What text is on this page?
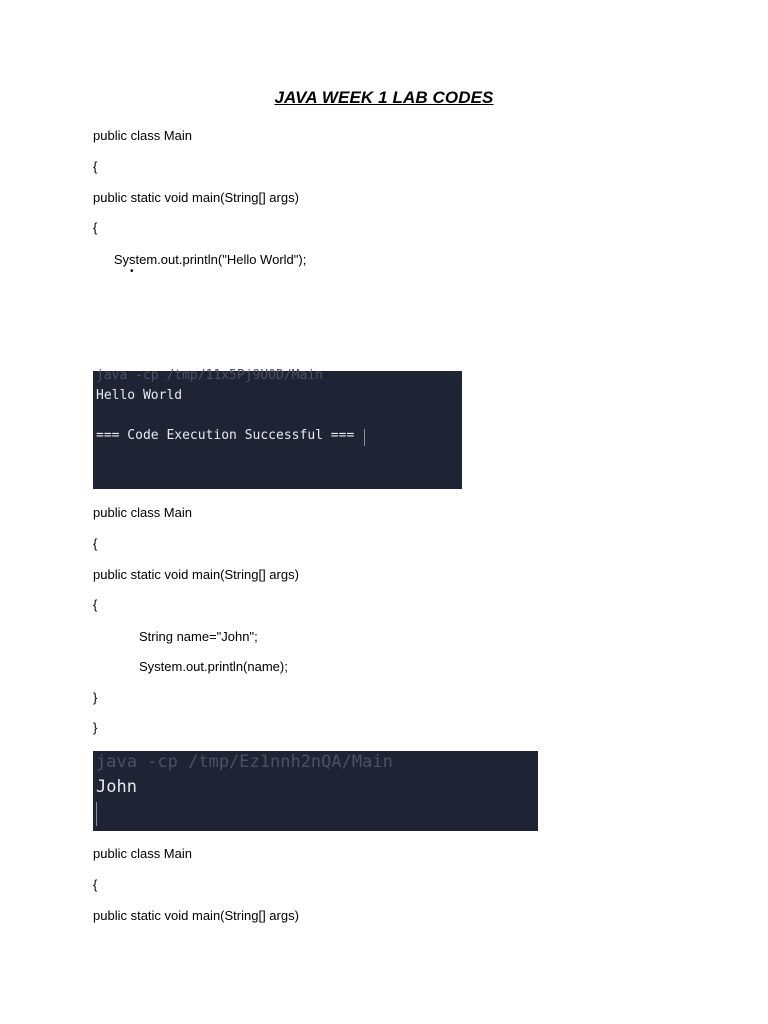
JAVA WEEK 1 LAB CODES
public class Main
{
public static void main(String[] args)
{
System.out.println("Hello World");
•
java -cp /tmp/11x5Pj9UOD/Main
Hello World
=== Code Execution Successful ===
public class Main
{
public static void main(String[] args)
{
String name="John";
System.out.println(name);
}
}
java -cp /tmp/Ez1nnh2nQA/Main
John
public class Main
{
public static void main(String[] args)
